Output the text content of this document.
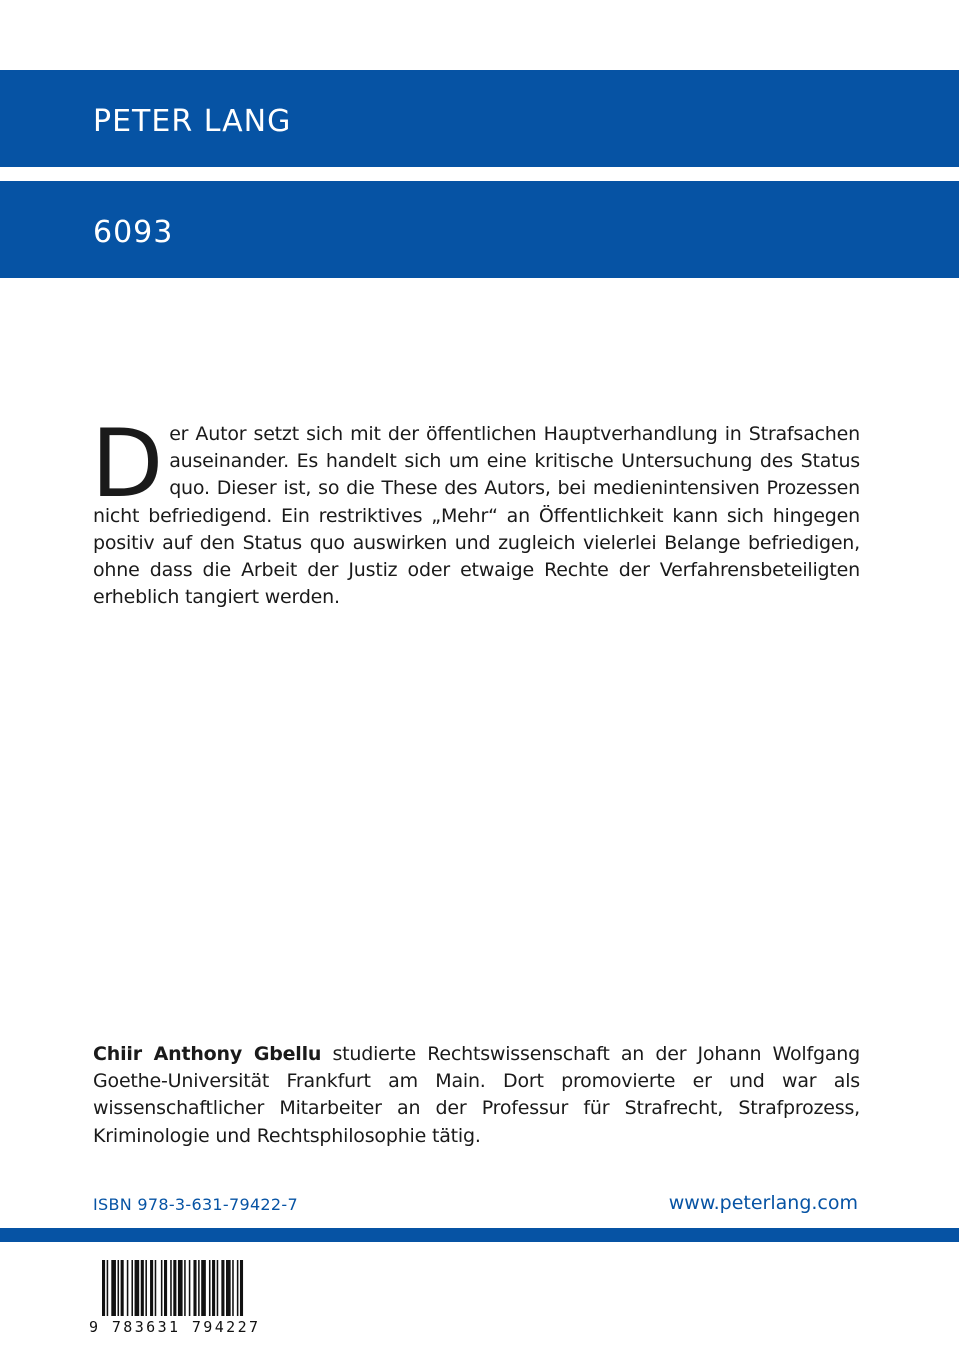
PETER LANG
6093
Der Autor setzt sich mit der öffentlichen Hauptverhandlung in Strafsachen auseinander. Es handelt sich um eine kritische Untersuchung des Status quo. Dieser ist, so die These des Autors, bei medienintensiven Prozessen nicht befriedigend. Ein restriktives „Mehr“ an Öffentlichkeit kann sich hingegen positiv auf den Status quo auswirken und zugleich vielerlei Belange befriedigen, ohne dass die Arbeit der Justiz oder etwaige Rechte der Verfahrensbeteiligten erheblich tangiert werden.
Chiir Anthony Gbellu studierte Rechtswissenschaft an der Johann Wolfgang Goethe-Universität Frankfurt am Main. Dort promovierte er und war als wissenschaftlicher Mitarbeiter an der Professur für Strafrecht, Strafprozess, Kriminologie und Rechtsphilosophie tätig.
ISBN 978-3-631-79422-7	www.peterlang.com
9 783631 794227
